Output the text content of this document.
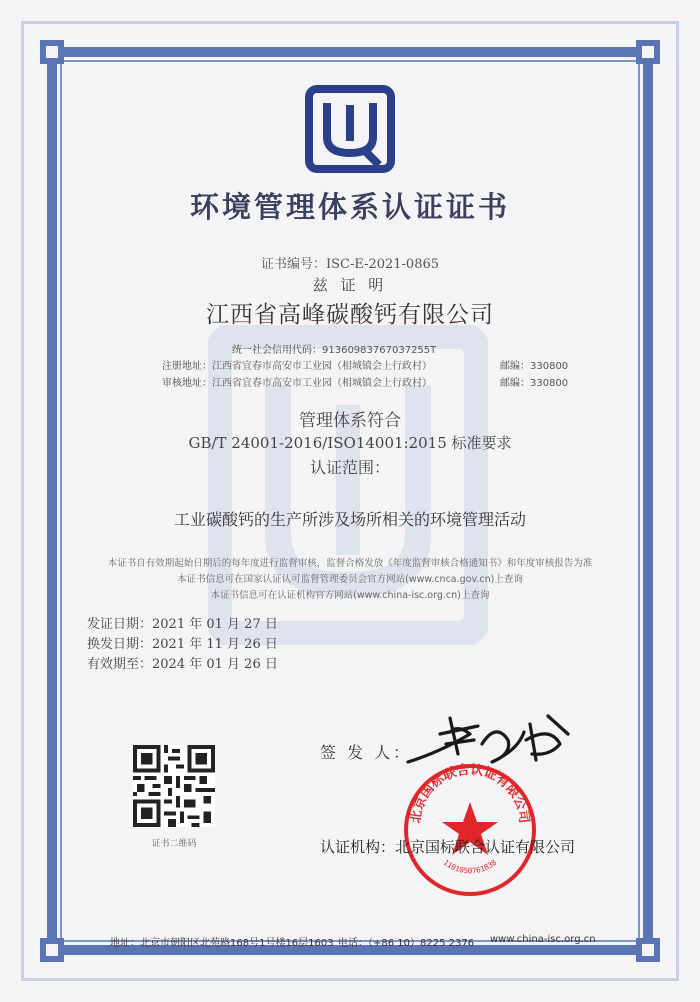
环境管理体系认证证书
证书编号：ISC-E-2021-0865
兹 证 明
江西省高峰碳酸钙有限公司
统一社会信用代码：91360983767037255T
注册地址：江西省宜春市高安市工业园（相城镇会上行政村）	邮编：330800
审核地址：江西省宜春市高安市工业园（相城镇会上行政村）	邮编：330800
管理体系符合
GB/T 24001-2016/ISO14001:2015 标准要求
认证范围：
工业碳酸钙的生产所涉及场所相关的环境管理活动
本证书自有效期起始日期后的每年度进行监督审核，监督合格发放《年度监督审核合格通知书》和年度审核报告为准
本证书信息可在国家认证认可监督管理委员会官方网站(www.cnca.gov.cn)上查询
本证书信息可在认证机构官方网站(www.china-isc.org.cn)上查询
发证日期：2021 年 01 月 27 日
换发日期：2021 年 11 月 26 日
有效期至：2024 年 01 月 26 日
证书二维码
签 发 人：
北京国标联合认证有限公司
1101050761838
认证机构：北京国标联合认证有限公司
地址：北京市朝阳区北苑路168号1号楼16层1603 电话：（+86 10）8225 2376 www.china-isc.org.cn
